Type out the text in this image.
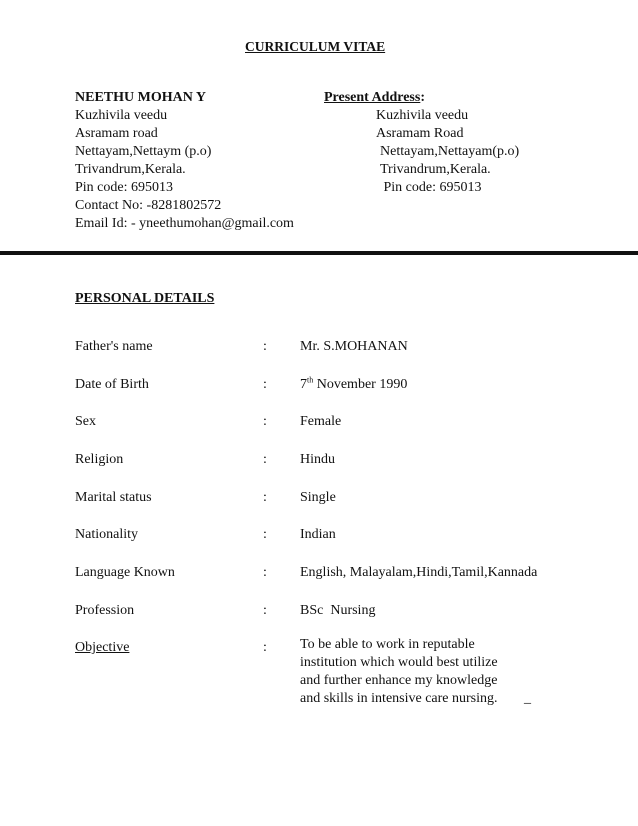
CURRICULUM VITAE
NEETHU MOHAN Y
Kuzhivila veedu
Asramam road
Nettayam,Nettaym (p.o)
Trivandrum,Kerala.
Pin code: 695013
Contact No: -8281802572
Email Id: - yneethumohan@gmail.com
Present Address:
Kuzhivila veedu
Asramam Road
Nettayam,Nettayam(p.o)
Trivandrum,Kerala.
Pin code: 695013
PERSONAL DETAILS
Father's name	: Mr. S.MOHANAN
Date of Birth	: 7th November 1990
Sex	: Female
Religion	: Hindu
Marital status	: Single
Nationality	: Indian
Language Known	: English, Malayalam,Hindi,Tamil,Kannada
Profession	: BSc  Nursing
Objective	: To be able to work in reputable
institution which would best utilize
and further enhance my knowledge
and skills in intensive care nursing. _
